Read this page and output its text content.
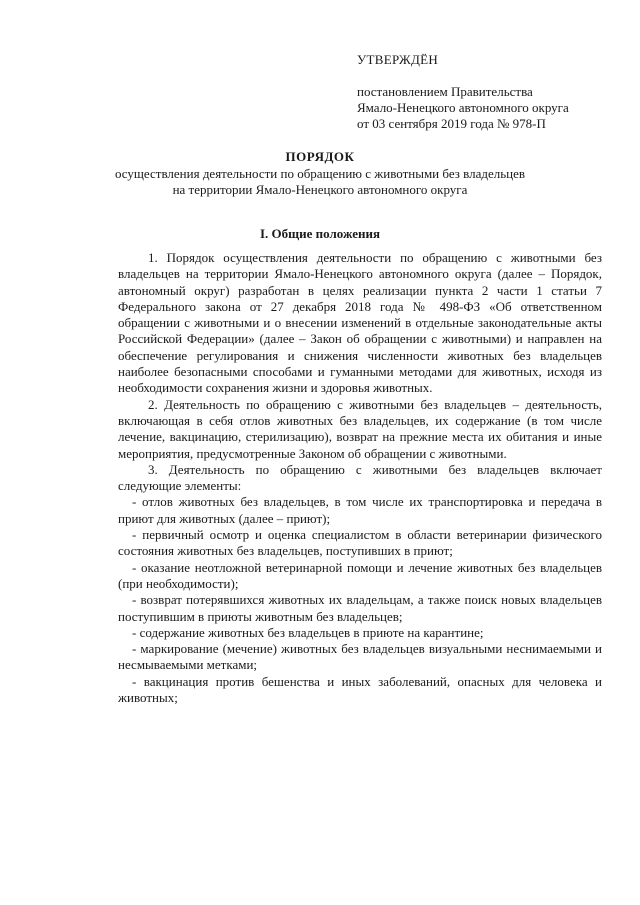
УТВЕРЖДЁН
постановлением Правительства
Ямало-Ненецкого автономного округа
от 03 сентября 2019 года № 978-П
ПОРЯДОК
осуществления деятельности по обращению с животными без владельцев
на территории Ямало-Ненецкого автономного округа
I. Общие положения

1. Порядок осуществления деятельности по обращению с животными без владельцев на территории Ямало-Ненецкого автономного округа (далее – Порядок, автономный округ) разработан в целях реализации пункта 2 части 1 статьи 7 Федерального закона от 27 декабря 2018 года № 498-ФЗ «Об ответственном обращении с животными и о внесении изменений в отдельные законодательные акты Российской Федерации» (далее – Закон об обращении с животными) и направлен на обеспечение регулирования и снижения численности животных без владельцев наиболее безопасными способами и гуманными методами для животных, исходя из необходимости сохранения жизни и здоровья животных.

2. Деятельность по обращению с животными без владельцев – деятельность, включающая в себя отлов животных без владельцев, их содержание (в том числе лечение, вакцинацию, стерилизацию), возврат на прежние места их обитания и иные мероприятия, предусмотренные Законом об обращении с животными.

3. Деятельность по обращению с животными без владельцев включает следующие элементы:

- отлов животных без владельцев, в том числе их транспортировка и передача в приют для животных (далее – приют);

- первичный осмотр и оценка специалистом в области ветеринарии физического состояния животных без владельцев, поступивших в приют;

- оказание неотложной ветеринарной помощи и лечение животных без владельцев (при необходимости);

- возврат потерявшихся животных их владельцам, а также поиск новых владельцев поступившим в приюты животным без владельцев;

- содержание животных без владельцев в приюте на карантине;

- маркирование (мечение) животных без владельцев визуальными неснимаемыми и несмываемыми метками;

- вакцинация против бешенства и иных заболеваний, опасных для человека и животных;
